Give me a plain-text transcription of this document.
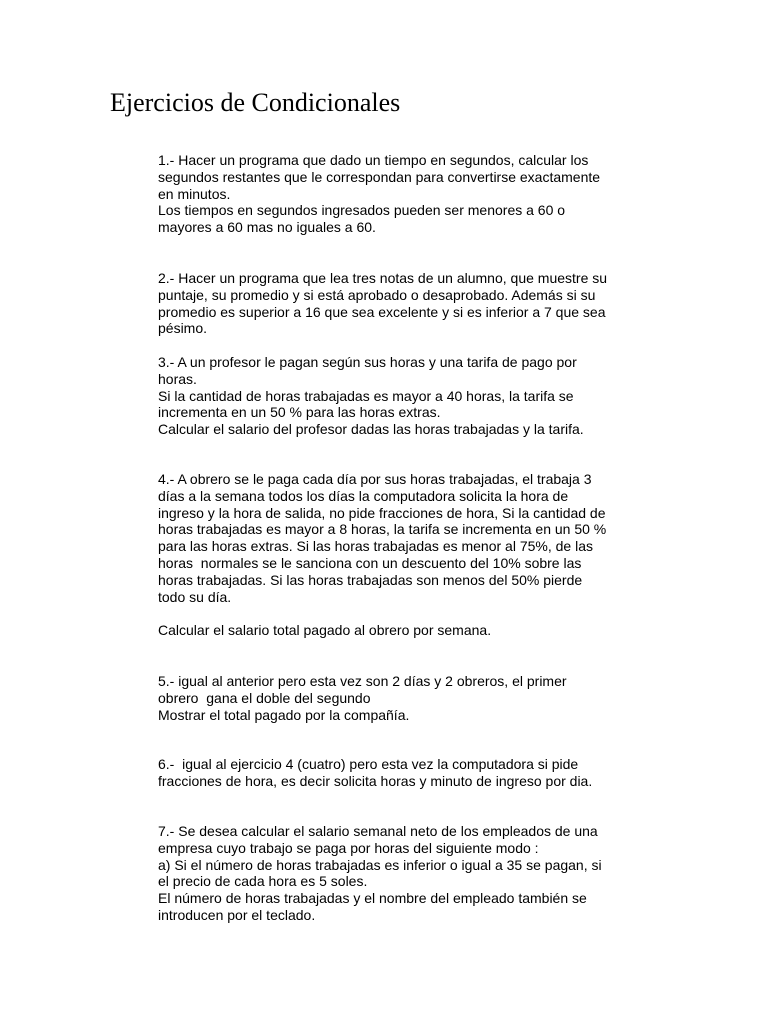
Ejercicios de Condicionales
1.- Hacer un programa que dado un tiempo en segundos, calcular los
segundos restantes que le correspondan para convertirse exactamente
en minutos.
Los tiempos en segundos ingresados pueden ser menores a 60 o
mayores a 60 mas no iguales a 60.
2.- Hacer un programa que lea tres notas de un alumno, que muestre su
puntaje, su promedio y si está aprobado o desaprobado. Además si su
promedio es superior a 16 que sea excelente y si es inferior a 7 que sea
pésimo.
3.- A un profesor le pagan según sus horas y una tarifa de pago por
horas.
Si la cantidad de horas trabajadas es mayor a 40 horas, la tarifa se
incrementa en un 50 % para las horas extras.
Calcular el salario del profesor dadas las horas trabajadas y la tarifa.
4.- A obrero se le paga cada día por sus horas trabajadas, el trabaja 3
días a la semana todos los días la computadora solicita la hora de
ingreso y la hora de salida, no pide fracciones de hora, Si la cantidad de
horas trabajadas es mayor a 8 horas, la tarifa se incrementa en un 50 %
para las horas extras. Si las horas trabajadas es menor al 75%, de las
horas  normales se le sanciona con un descuento del 10% sobre las
horas trabajadas. Si las horas trabajadas son menos del 50% pierde
todo su día.
Calcular el salario total pagado al obrero por semana.
5.- igual al anterior pero esta vez son 2 días y 2 obreros, el primer
obrero  gana el doble del segundo
Mostrar el total pagado por la compañía.
6.-  igual al ejercicio 4 (cuatro) pero esta vez la computadora si pide
fracciones de hora, es decir solicita horas y minuto de ingreso por dia.
7.- Se desea calcular el salario semanal neto de los empleados de una
empresa cuyo trabajo se paga por horas del siguiente modo :
a) Si el número de horas trabajadas es inferior o igual a 35 se pagan, si
el precio de cada hora es 5 soles.
El número de horas trabajadas y el nombre del empleado también se
introducen por el teclado.
